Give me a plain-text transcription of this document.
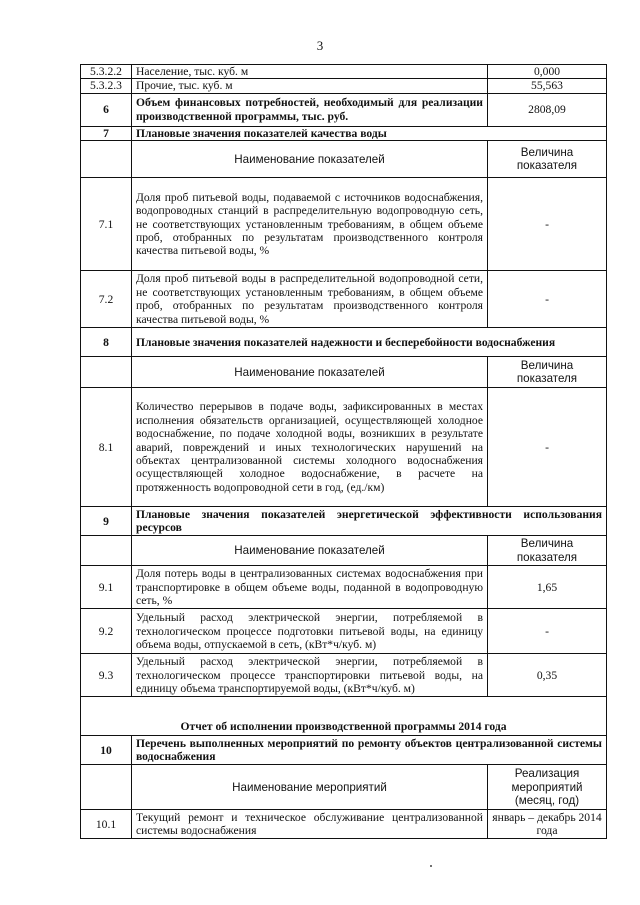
3
5.3.2.2	Население, тыс. куб. м	0,000
5.3.2.3	Прочие, тыс. куб. м	55,563
6	Объем финансовых потребностей, необходимый для реализации производственной программы, тыс. руб.	2808,09
7	Плановые значения показателей качества воды	
	Наименование показателей	Величина показателя
7.1	Доля проб питьевой воды, подаваемой с источников водоснабжения, водопроводных станций в распределительную водопроводную сеть, не соответствующих установленным требованиям, в общем объеме проб, отобранных по результатам производственного контроля качества питьевой воды, %	-
7.2	Доля проб питьевой воды в распределительной водопроводной сети, не соответствующих установленным требованиям, в общем объеме проб, отобранных по результатам производственного контроля качества питьевой воды, %	-
8	Плановые значения показателей надежности и бесперебойности водоснабжения	
	Наименование показателей	Величина показателя
8.1	Количество перерывов в подаче воды, зафиксированных в местах исполнения обязательств организацией, осуществляющей холодное водоснабжение, по подаче холодной воды, возникших в результате аварий, повреждений и иных технологических нарушений на объектах централизованной системы холодного водоснабжения осуществляющей холодное водоснабжение, в расчете на протяженность водопроводной сети в год, (ед./км)	-
9	Плановые значения показателей энергетической эффективности использования ресурсов	
	Наименование показателей	Величина показателя
9.1	Доля потерь воды в централизованных системах водоснабжения при транспортировке в общем объеме воды, поданной в водопроводную сеть, %	1,65
9.2	Удельный расход электрической энергии, потребляемой в технологическом процессе подготовки питьевой воды, на единицу объема воды, отпускаемой в сеть, (кВт*ч/куб. м)	-
9.3	Удельный расход электрической энергии, потребляемой в технологическом процессе транспортировки питьевой воды, на единицу объема транспортируемой воды, (кВт*ч/куб. м)	0,35
Отчет об исполнении производственной программы 2014 года		
10	Перечень выполненных мероприятий по ремонту объектов централизованной системы водоснабжения	
	Наименование мероприятий	Реализация мероприятий (месяц, год)
10.1	Текущий ремонт и техническое обслуживание централизованной системы водоснабжения	январь – декабрь 2014 года
